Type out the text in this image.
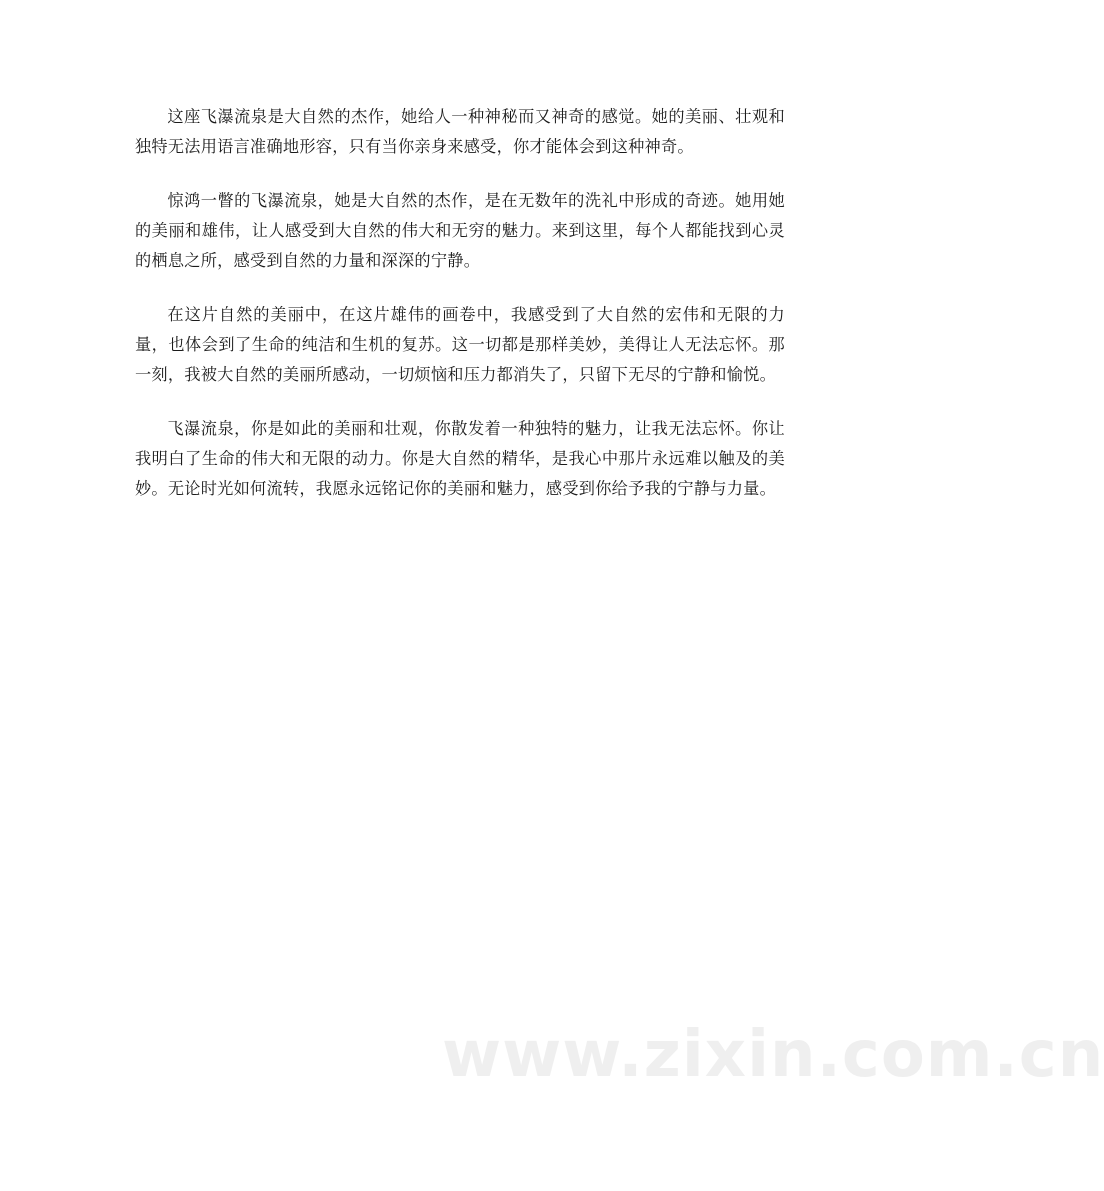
这座飞瀑流泉是大自然的杰作，她给人一种神秘而又神奇的感觉。她的美丽、壮观和独特无法用语言准确地形容，只有当你亲身来感受，你才能体会到这种神奇。

惊鸿一瞥的飞瀑流泉，她是大自然的杰作，是在无数年的洗礼中形成的奇迹。她用她的美丽和雄伟，让人感受到大自然的伟大和无穷的魅力。来到这里，每个人都能找到心灵的栖息之所，感受到自然的力量和深深的宁静。

在这片自然的美丽中，在这片雄伟的画卷中，我感受到了大自然的宏伟和无限的力量，也体会到了生命的纯洁和生机的复苏。这一切都是那样美妙，美得让人无法忘怀。那一刻，我被大自然的美丽所感动，一切烦恼和压力都消失了，只留下无尽的宁静和愉悦。

飞瀑流泉，你是如此的美丽和壮观，你散发着一种独特的魅力，让我无法忘怀。你让我明白了生命的伟大和无限的动力。你是大自然的精华，是我心中那片永远难以触及的美妙。无论时光如何流转，我愿永远铭记你的美丽和魅力，感受到你给予我的宁静与力量。

www.zixin.com.cn
